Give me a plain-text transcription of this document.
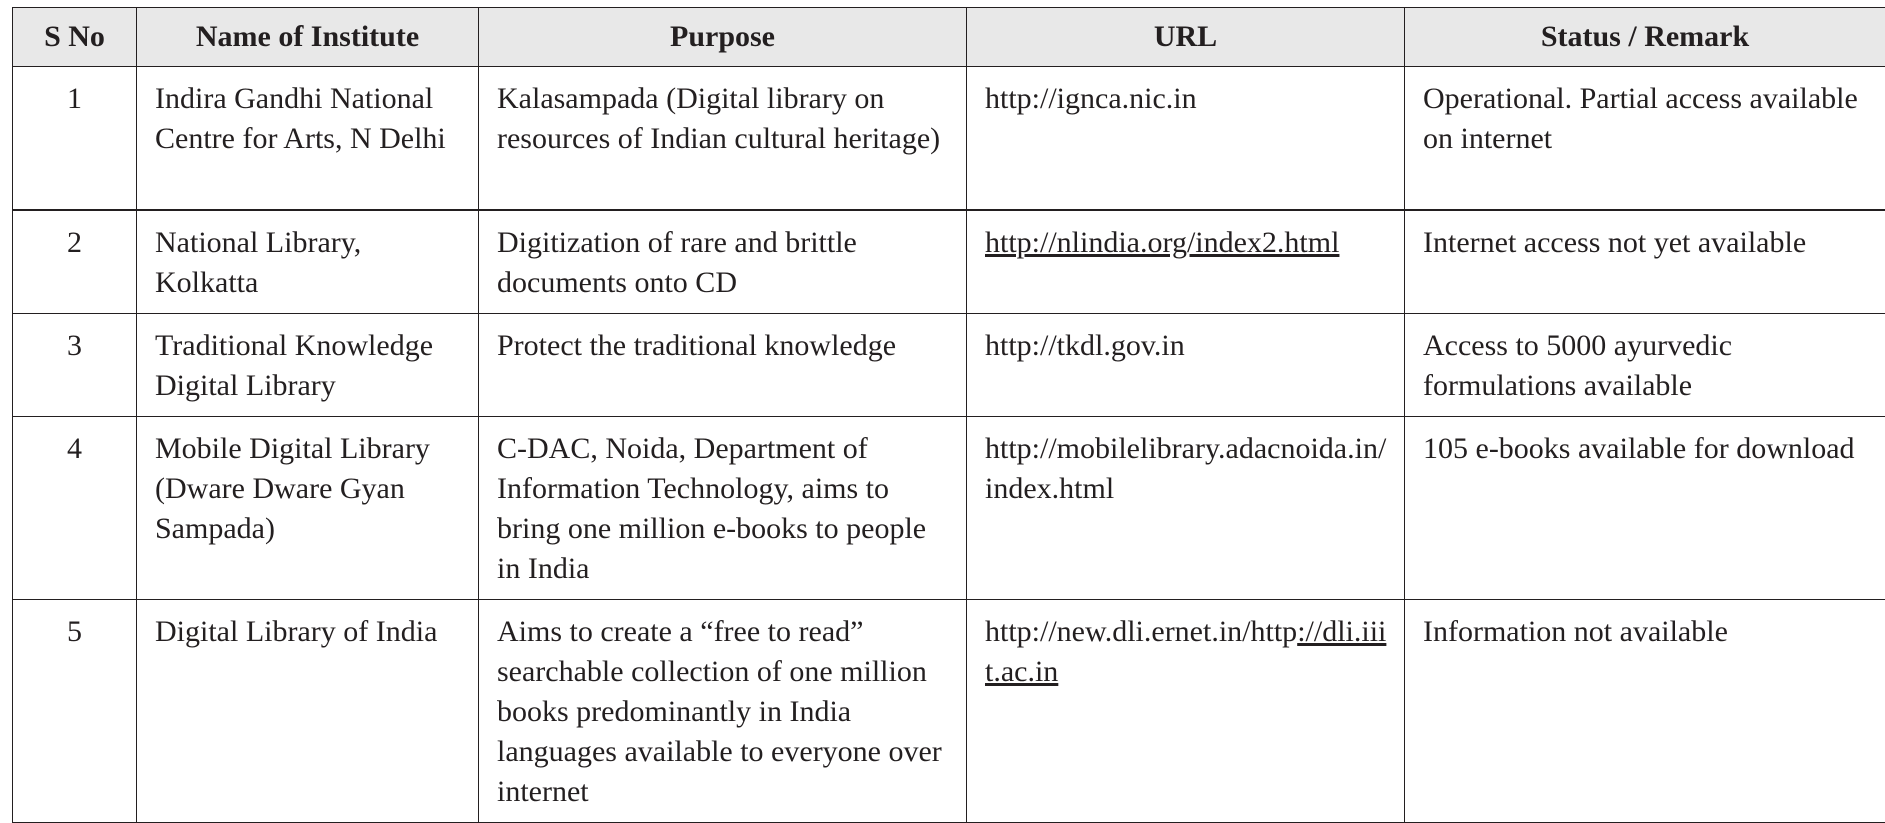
S No	Name of Institute	Purpose	URL	Status / Remark
1	Indira Gandhi National Centre for Arts, N Delhi	Kalasampada (Digital library on resources of Indian cultural heritage)	http://ignca.nic.in	Operational. Partial access available on internet
2	National Library, Kolkatta	Digitization of rare and brittle documents onto CD	http://nlindia.org/index2.html	Internet access not yet available
3	Traditional Knowledge Digital Library	Protect the traditional knowledge	http://tkdl.gov.in	Access to 5000 ayurvedic formulations available
4	Mobile Digital Library (Dware Dware Gyan Sampada)	C-DAC, Noida, Department of Information Technology, aims to bring one million e-books to people in India	http://mobilelibrary.adacnoida.in/index.html	105 e-books available for download
5	Digital Library of India	Aims to create a “free to read” searchable collection of one million books predominantly in India languages available to everyone over internet	http://new.dli.ernet.in/http://dli.iiit.ac.in	Information not available
